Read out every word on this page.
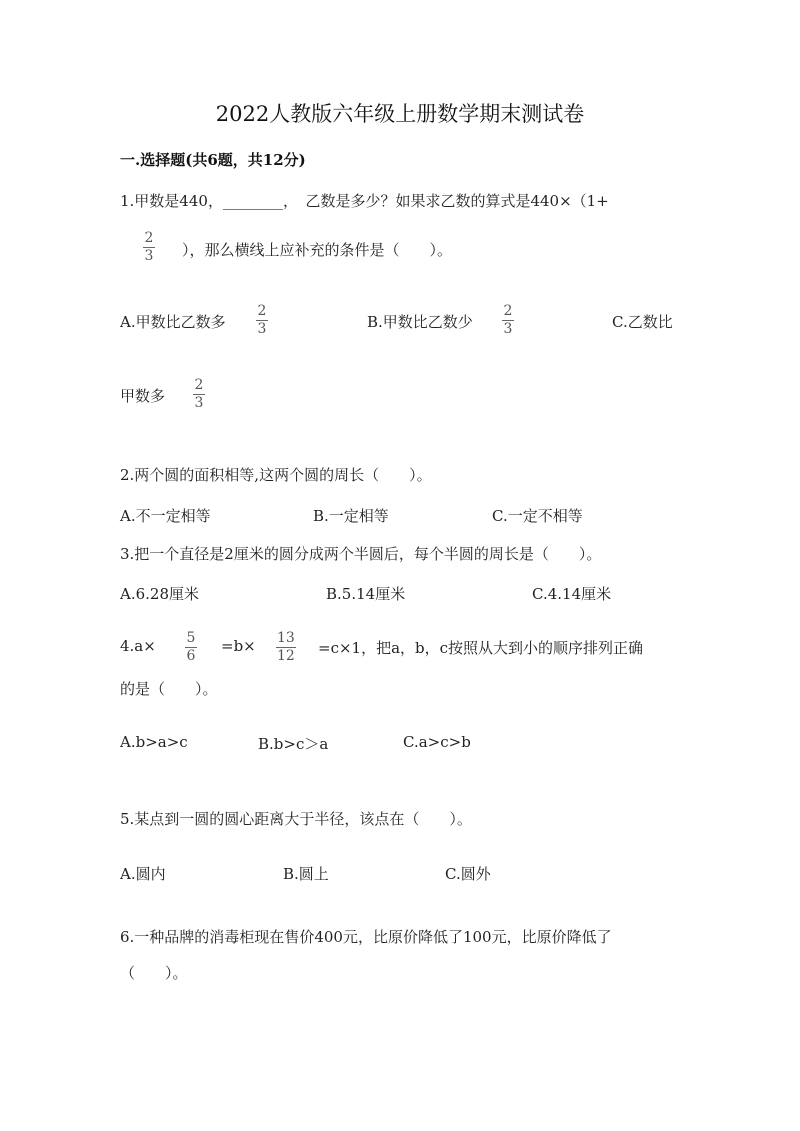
2022人教版六年级上册数学期末测试卷
一.选择题(共6题，共12分)
1.甲数是440，________，　乙数是多少？如果求乙数的算式是440×（1+
2
3 ），那么横线上应补充的条件是（　　）。
A.甲数比乙数多
2
3	B.甲数比乙数少
2
3	C.乙数比
甲数多
2
3
2.两个圆的面积相等,这两个圆的周长（　　）。
A.不一定相等	B.一定相等	C.一定不相等
3.把一个直径是2厘米的圆分成两个半圆后，每个半圆的周长是（　　）。
A.6.28厘米	B.5.14厘米	C.4.14厘米
4.a× 5
6
=b× 13
12 =c×1，把a，b，c按照从大到小的顺序排列正确
的是（　　）。
A.b>a>c	B.b>c＞a	C.a>c>b
5.某点到一圆的圆心距离大于半径，该点在（　　）。
A.圆内	B.圆上	C.圆外
6.一种品牌的消毒柜现在售价400元，比原价降低了100元，比原价降低了
（　　）。
